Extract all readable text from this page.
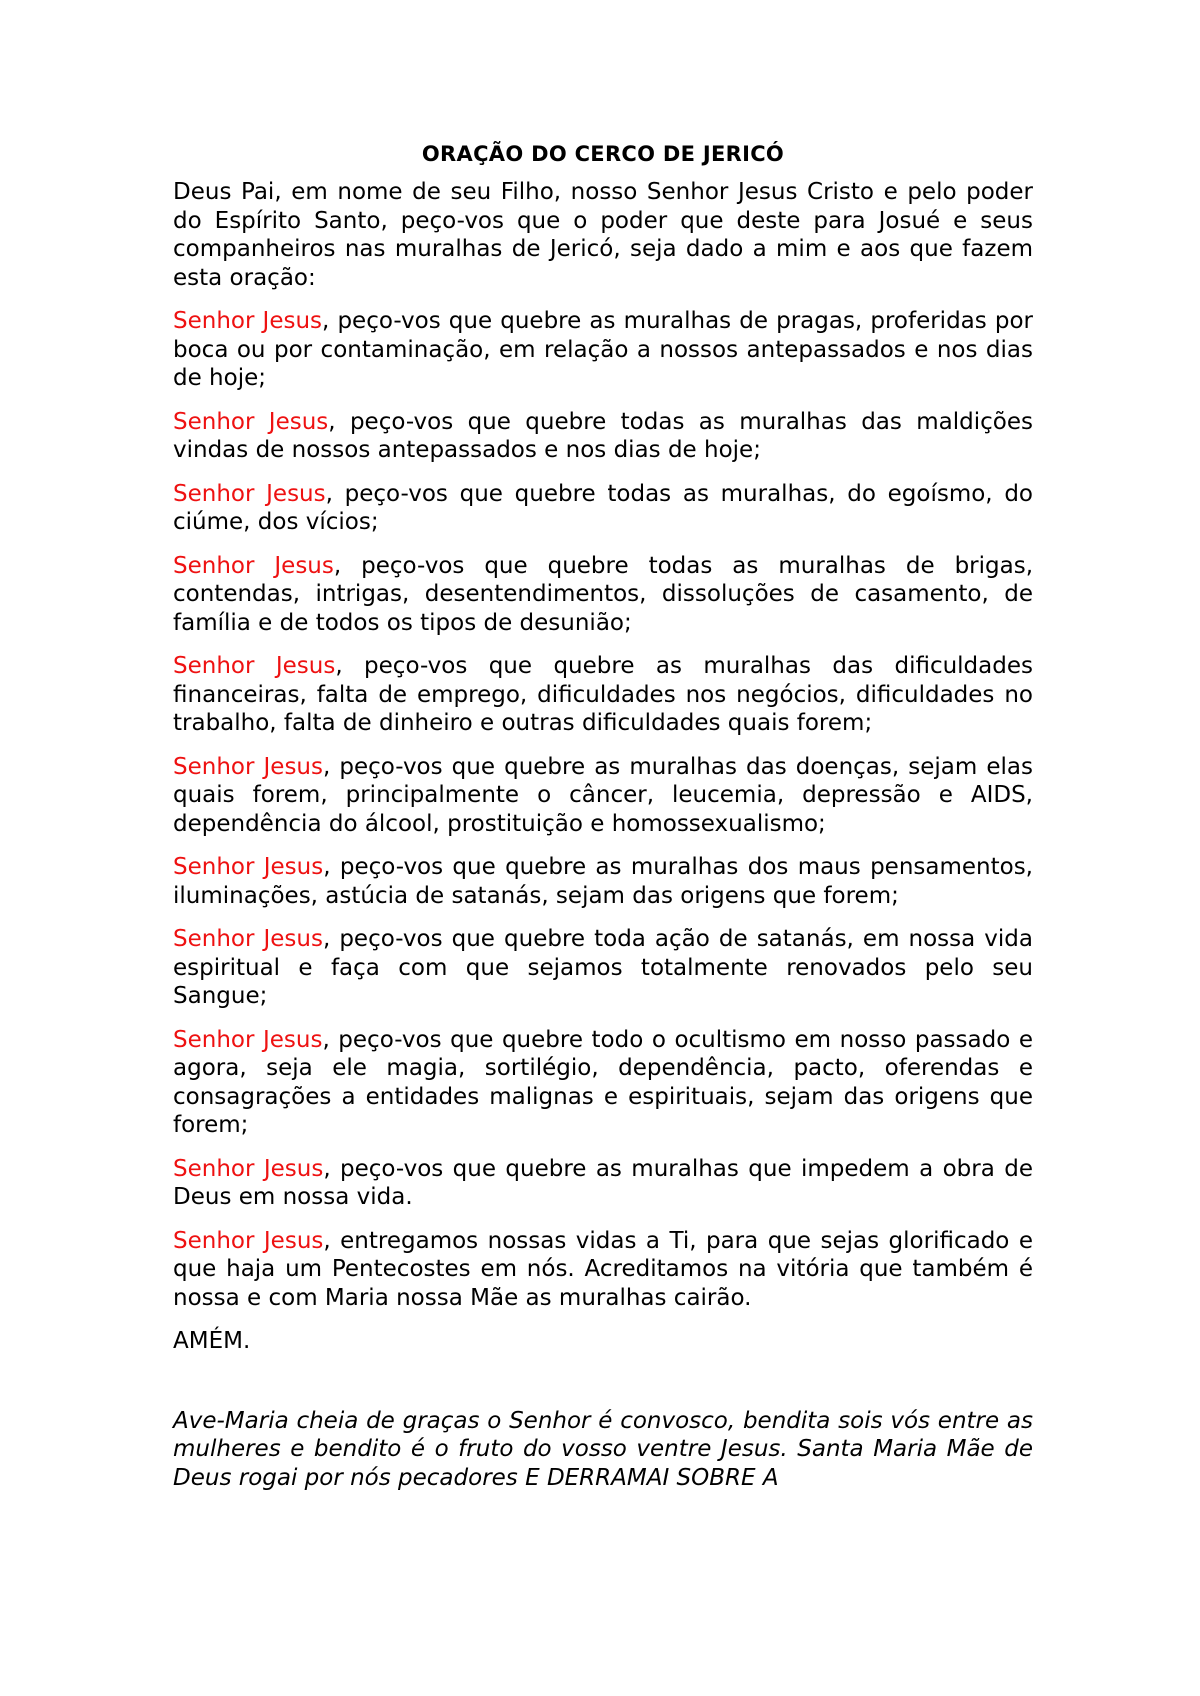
ORAÇÃO DO CERCO DE JERICÓ

Deus Pai, em nome de seu Filho, nosso Senhor Jesus Cristo e pelo poder do Espírito Santo, peço-vos que o poder que deste para Josué e seus companheiros nas muralhas de Jericó, seja dado a mim e aos que fazem esta oração:

Senhor Jesus, peço-vos que quebre as muralhas de pragas, proferidas por boca ou por contaminação, em relação a nossos antepassados e nos dias de hoje;

Senhor Jesus, peço-vos que quebre todas as muralhas das maldições vindas de nossos antepassados e nos dias de hoje;

Senhor Jesus, peço-vos que quebre todas as muralhas, do egoísmo, do ciúme, dos vícios;

Senhor Jesus, peço-vos que quebre todas as muralhas de brigas, contendas, intrigas, desentendimentos, dissoluções de casamento, de família e de todos os tipos de desunião;

Senhor Jesus, peço-vos que quebre as muralhas das dificuldades financeiras, falta de emprego, dificuldades nos negócios, dificuldades no trabalho, falta de dinheiro e outras dificuldades quais forem;

Senhor Jesus, peço-vos que quebre as muralhas das doenças, sejam elas quais forem, principalmente o câncer, leucemia, depressão e AIDS, dependência do álcool, prostituição e homossexualismo;

Senhor Jesus, peço-vos que quebre as muralhas dos maus pensamentos, iluminações, astúcia de satanás, sejam das origens que forem;

Senhor Jesus, peço-vos que quebre toda ação de satanás, em nossa vida espiritual e faça com que sejamos totalmente renovados pelo seu Sangue;

Senhor Jesus, peço-vos que quebre todo o ocultismo em nosso passado e agora, seja ele magia, sortilégio, dependência, pacto, oferendas e consagrações a entidades malignas e espirituais, sejam das origens que forem;

Senhor Jesus, peço-vos que quebre as muralhas que impedem a obra de Deus em nossa vida.

Senhor Jesus, entregamos nossas vidas a Ti, para que sejas glorificado e que haja um Pentecostes em nós. Acreditamos na vitória que também é nossa e com Maria nossa Mãe as muralhas cairão.

AMÉM.

Ave-Maria cheia de graças o Senhor é convosco, bendita sois vós entre as mulheres e bendito é o fruto do vosso ventre Jesus. Santa Maria Mãe de Deus rogai por nós pecadores E DERRAMAI SOBRE A
